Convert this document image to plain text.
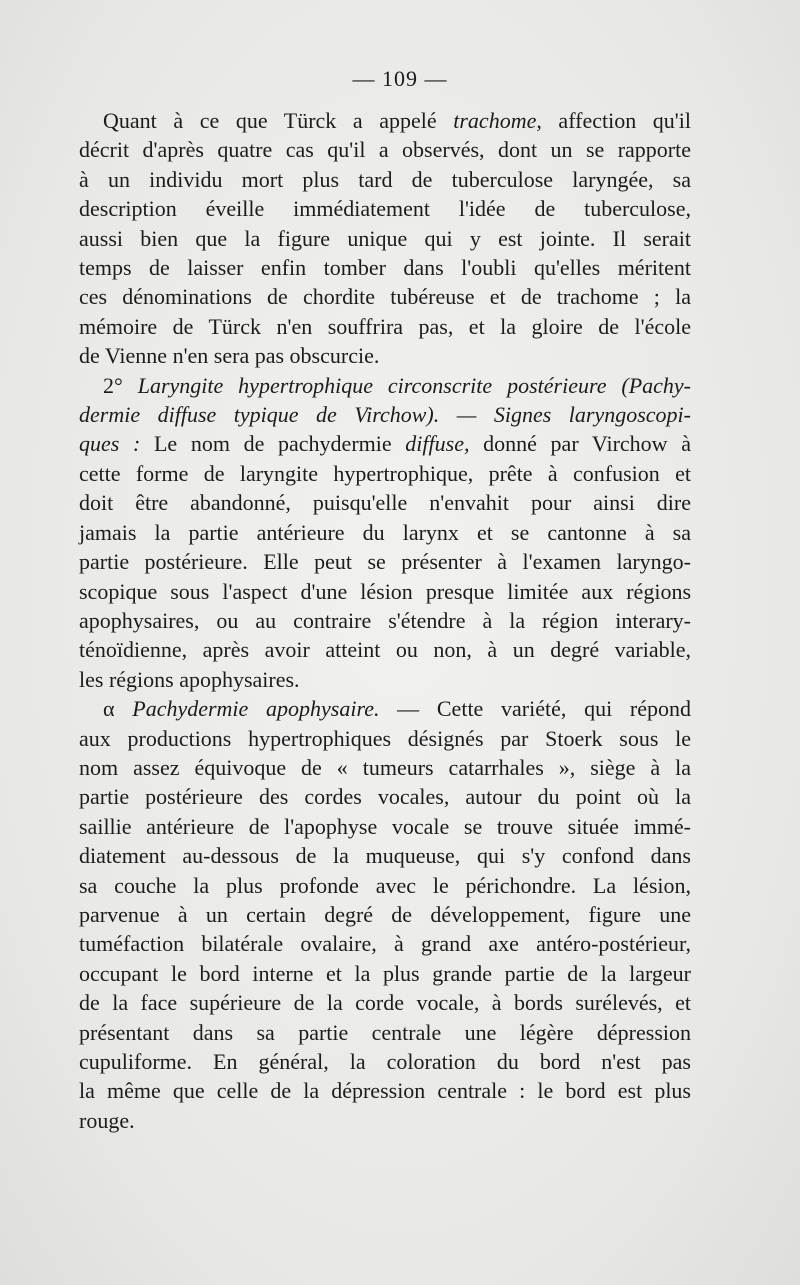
— 109 —
Quant à ce que Türck a appelé trachome, affection qu'il
décrit d'après quatre cas qu'il a observés, dont un se rapporte
à un individu mort plus tard de tuberculose laryngée, sa
description éveille immédiatement l'idée de tuberculose,
aussi bien que la figure unique qui y est jointe. Il serait
temps de laisser enfin tomber dans l'oubli qu'elles méritent
ces dénominations de chordite tubéreuse et de trachome ; la
mémoire de Türck n'en souffrira pas, et la gloire de l'école
de Vienne n'en sera pas obscurcie.
2° Laryngite hypertrophique circonscrite postérieure (Pachy-
dermie diffuse typique de Virchow). — Signes laryngoscopi-
ques : Le nom de pachydermie diffuse, donné par Virchow à
cette forme de laryngite hypertrophique, prête à confusion et
doit être abandonné, puisqu'elle n'envahit pour ainsi dire
jamais la partie antérieure du larynx et se cantonne à sa
partie postérieure. Elle peut se présenter à l'examen laryngo-
scopique sous l'aspect d'une lésion presque limitée aux régions
apophysaires, ou au contraire s'étendre à la région interary-
ténoïdienne, après avoir atteint ou non, à un degré variable,
les régions apophysaires.
α Pachydermie apophysaire. — Cette variété, qui répond
aux productions hypertrophiques désignés par Stoerk sous le
nom assez équivoque de « tumeurs catarrhales », siège à la
partie postérieure des cordes vocales, autour du point où la
saillie antérieure de l'apophyse vocale se trouve située immé-
diatement au-dessous de la muqueuse, qui s'y confond dans
sa couche la plus profonde avec le périchondre. La lésion,
parvenue à un certain degré de développement, figure une
tuméfaction bilatérale ovalaire, à grand axe antéro-postérieur,
occupant le bord interne et la plus grande partie de la largeur
de la face supérieure de la corde vocale, à bords surélevés, et
présentant dans sa partie centrale une légère dépression
cupuliforme. En général, la coloration du bord n'est pas
la même que celle de la dépression centrale : le bord est plus
rouge.
